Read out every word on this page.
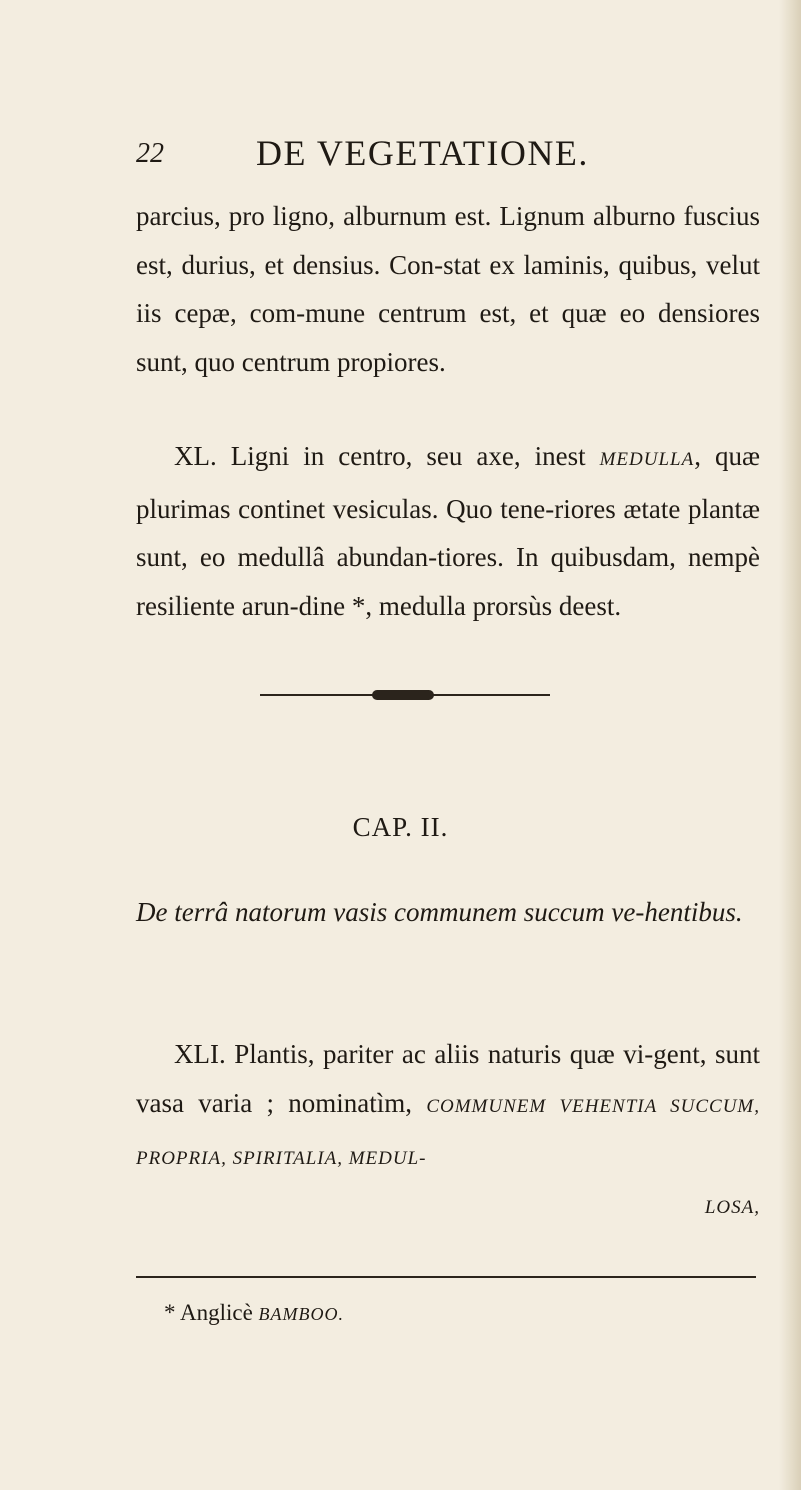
22	DE VEGETATIONE.
parcius, pro ligno, alburnum est. Lignum alburno fuscius est, durius, et densius. Con-stat ex laminis, quibus, velut iis cepæ, com-mune centrum est, et quæ eo densiores sunt, quo centrum propiores.
XL. Ligni in centro, seu axe, inest MEDULLA, quæ plurimas continet vesiculas. Quo tene-riores ætate plantæ sunt, eo medullâ abundan-tiores. In quibusdam, nempè resiliente arun-dine *, medulla prorsùs deest.
CAP. II.
De terrâ natorum vasis communem succum ve-hentibus.
XLI. Plantis, pariter ac aliis naturis quæ vi-gent, sunt vasa varia ; nominatìm, COMMUNEM VEHENTIA SUCCUM, PROPRIA, SPIRITALIA, MEDUL-
LOSA,
* Anglicè BAMBOO.
